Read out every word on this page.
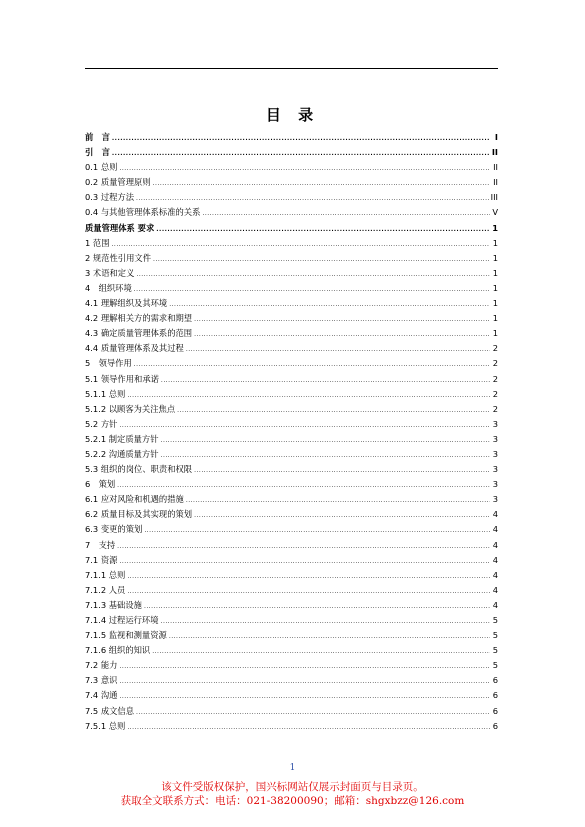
目 录
前　言 .....	I
引　言 .....	II
0.1 总则 .....	II
0.2 质量管理原则 .....	II
0.3 过程方法 .....	III
0.4 与其他管理体系标准的关系 .....	V
质量管理体系 要求 .....	1
1 范围 .....	1
2 规范性引用文件 .....	1
3 术语和定义 .....	1
4　组织环境 .....	1
4.1 理解组织及其环境 .....	1
4.2 理解相关方的需求和期望 .....	1
4.3 确定质量管理体系的范围 .....	1
4.4 质量管理体系及其过程 .....	2
5　领导作用 .....	2
5.1 领导作用和承诺 .....	2
5.1.1 总则 .....	2
5.1.2 以顾客为关注焦点 .....	2
5.2 方针 .....	3
5.2.1 制定质量方针 .....	3
5.2.2 沟通质量方针 .....	3
5.3 组织的岗位、职责和权限 .....	3
6　策划 .....	3
6.1 应对风险和机遇的措施 .....	3
6.2 质量目标及其实现的策划 .....	4
6.3 变更的策划 .....	4
7　支持 .....	4
7.1 资源 .....	4
7.1.1 总则 .....	4
7.1.2 人员 .....	4
7.1.3 基础设施 .....	4
7.1.4 过程运行环境 .....	5
7.1.5 监视和测量资源 .....	5
7.1.6 组织的知识 .....	5
7.2 能力 .....	5
7.3 意识 .....	6
7.4 沟通 .....	6
7.5 成文信息 .....	6
7.5.1 总则 .....	6
1
该文件受版权保护，国兴标网站仅展示封面页与目录页。
获取全文联系方式：电话：021-38200090；邮箱：shgxbzz@126.com
